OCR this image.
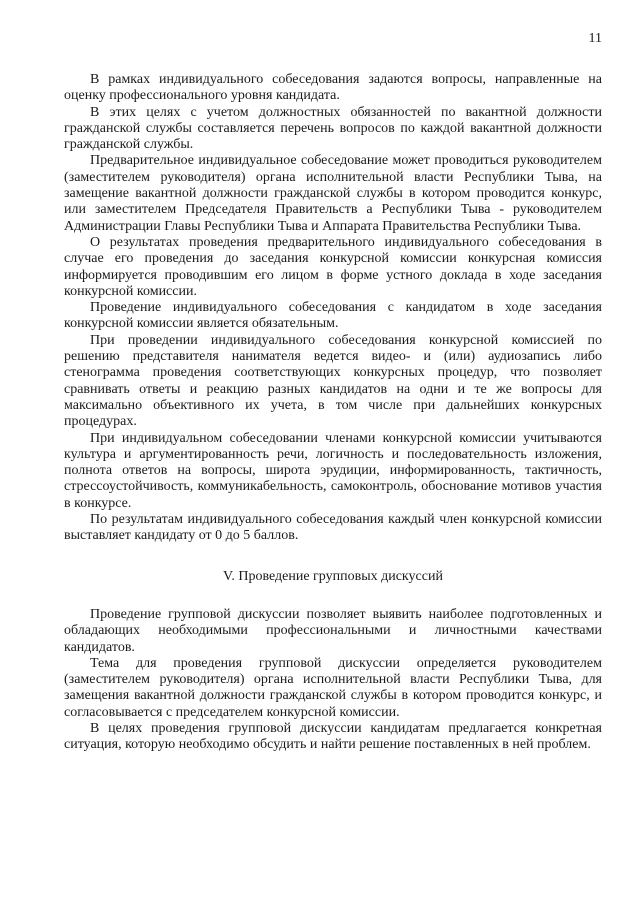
11

В рамках индивидуального собеседования задаются вопросы, направленные на оценку профессионального уровня кандидата.

В этих целях с учетом должностных обязанностей по вакантной должности гражданской службы составляется перечень вопросов по каждой вакантной должности гражданской службы.

Предварительное индивидуальное собеседование может проводиться руководителем (заместителем руководителя) органа исполнительной власти Республики Тыва, на замещение вакантной должности гражданской службы в котором проводится конкурс, или заместителем Председателя Правительств а Республики Тыва - руководителем Администрации Главы Республики Тыва и Аппарата Правительства Республики Тыва.

О результатах проведения предварительного индивидуального собеседования в случае его проведения до заседания конкурсной комиссии конкурсная комиссия информируется проводившим его лицом в форме устного доклада в ходе заседания конкурсной комиссии.

Проведение индивидуального собеседования с кандидатом в ходе заседания конкурсной комиссии является обязательным.

При проведении индивидуального собеседования конкурсной комиссией по решению представителя нанимателя ведется видео- и (или) аудиозапись либо стенограмма проведения соответствующих конкурсных процедур, что позволяет сравнивать ответы и реакцию разных кандидатов на одни и те же вопросы для максимально объективного их учета, в том числе при дальнейших конкурсных процедурах.

При индивидуальном собеседовании членами конкурсной комиссии учитываются культура и аргументированность речи, логичность и последовательность изложения, полнота ответов на вопросы, широта эрудиции, информированность, тактичность, стрессоустойчивость, коммуникабельность, самоконтроль, обоснование мотивов участия в конкурсе.

По результатам индивидуального собеседования каждый член конкурсной комиссии выставляет кандидату от 0 до 5 баллов.

V. Проведение групповых дискуссий

Проведение групповой дискуссии позволяет выявить наиболее подготовленных и обладающих необходимыми профессиональными и личностными качествами кандидатов.

Тема для проведения групповой дискуссии определяется руководителем (заместителем руководителя) органа исполнительной власти Республики Тыва, для замещения вакантной должности гражданской службы в котором проводится конкурс, и согласовывается с председателем конкурсной комиссии.

В целях проведения групповой дискуссии кандидатам предлагается конкретная ситуация, которую необходимо обсудить и найти решение поставленных в ней проблем.
